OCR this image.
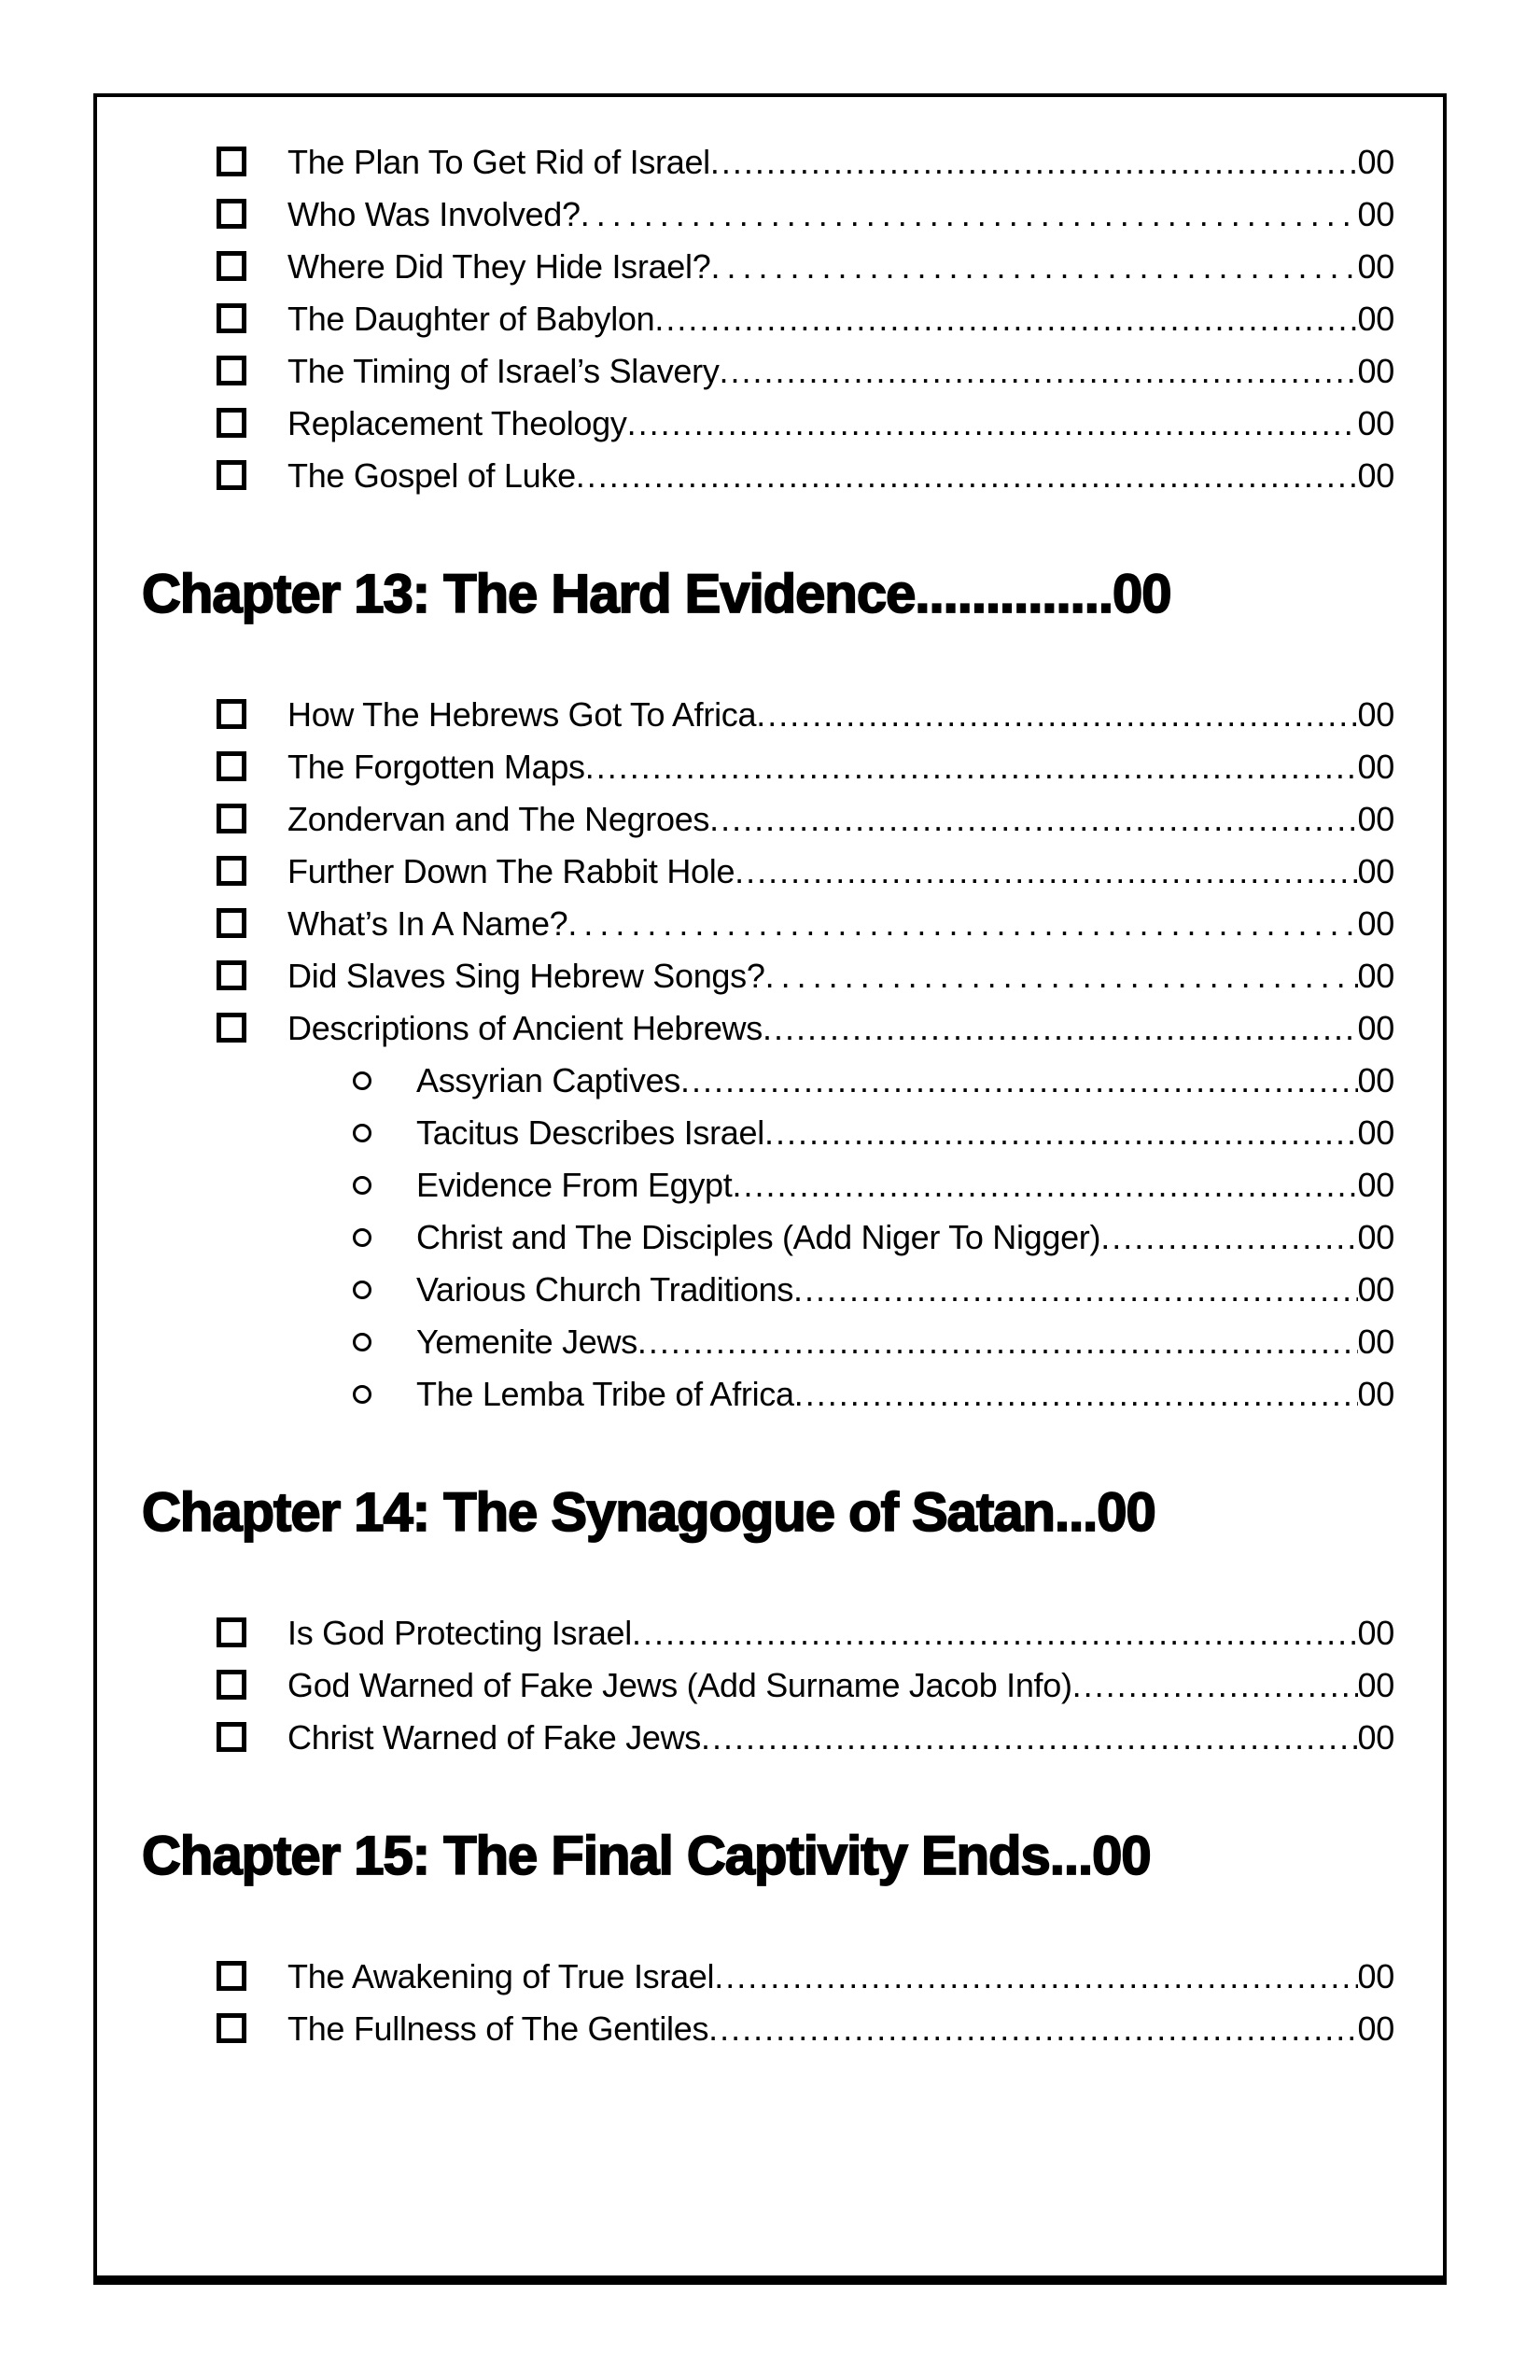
The Plan To Get Rid of Israel .....	00
Who Was Involved? .....	00
Where Did They Hide Israel? .....	00
The Daughter of Babylon .....	00
The Timing of Israel’s Slavery .....	00
Replacement Theology .....	00
The Gospel of Luke .....	00
Chapter 13: The Hard Evidence..............00
How The Hebrews Got To Africa .....	00
The Forgotten Maps .....	00
Zondervan and The Negroes .....	00
Further Down The Rabbit Hole .....	00
What’s In A Name? .....	00
Did Slaves Sing Hebrew Songs? .....	00
Descriptions of Ancient Hebrews .....	00
Assyrian Captives .....	00
Tacitus Describes Israel .....	00
Evidence From Egypt .....	00
Christ and The Disciples (Add Niger To Nigger) .....	00
Various Church Traditions .....	00
Yemenite Jews .....	00
The Lemba Tribe of Africa .....	00
Chapter 14: The Synagogue of Satan...00
Is God Protecting Israel .....	00
God Warned of Fake Jews (Add Surname Jacob Info) .....	00
Christ Warned of Fake Jews .....	00
Chapter 15: The Final Captivity Ends...00
The Awakening of True Israel .....	00
The Fullness of The Gentiles .....	00
